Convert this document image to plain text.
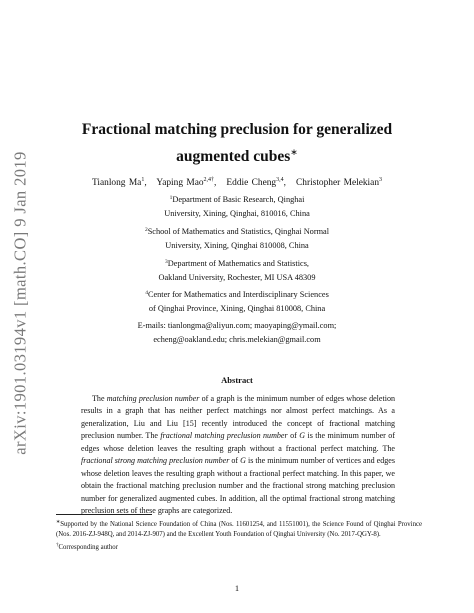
arXiv:1901.03194v1 [math.CO] 9 Jan 2019
Fractional matching preclusion for generalized
augmented cubes∗
Tianlong Ma$^1$,   Yaping Mao$^{2,4\dagger}$,   Eddie Cheng$^{3,4}$,   Christopher Melekian$^3$
$^1$Department of Basic Research, Qinghai
University, Xining, Qinghai, 810016, China
$^2$School of Mathematics and Statistics, Qinghai Normal
University, Xining, Qinghai 810008, China
$^3$Department of Mathematics and Statistics,
Oakland University, Rochester, MI USA 48309
$^4$Center for Mathematics and Interdisciplinary Sciences
of Qinghai Province, Xining, Qinghai 810008, China
E-mails: tianlongma@aliyun.com; maoyaping@ymail.com;
echeng@oakland.edu; chris.melekian@gmail.com
Abstract
The matching preclusion number of a graph is the minimum number of edges whose deletion results in a graph that has neither perfect matchings nor almost perfect matchings. As a generalization, Liu and Liu [15] recently introduced the concept of fractional matching preclusion number. The fractional matching preclusion number of G is the minimum number of edges whose deletion leaves the resulting graph without a fractional perfect matching. The fractional strong matching preclusion number of G is the minimum number of vertices and edges whose deletion leaves the resulting graph without a fractional perfect matching. In this paper, we obtain the fractional matching preclusion number and the fractional strong matching preclusion number for generalized augmented cubes. In addition, all the optimal fractional strong matching preclusion sets of these graphs are categorized.
∗Supported by the National Science Foundation of China (Nos. 11601254, and 11551001), the Science Found of Qinghai Province (Nos. 2016-ZJ-948Q, and 2014-ZJ-907) and the Excellent Youth Foundation of Qinghai University (No. 2017-QGY-8).
†Corresponding author
1
